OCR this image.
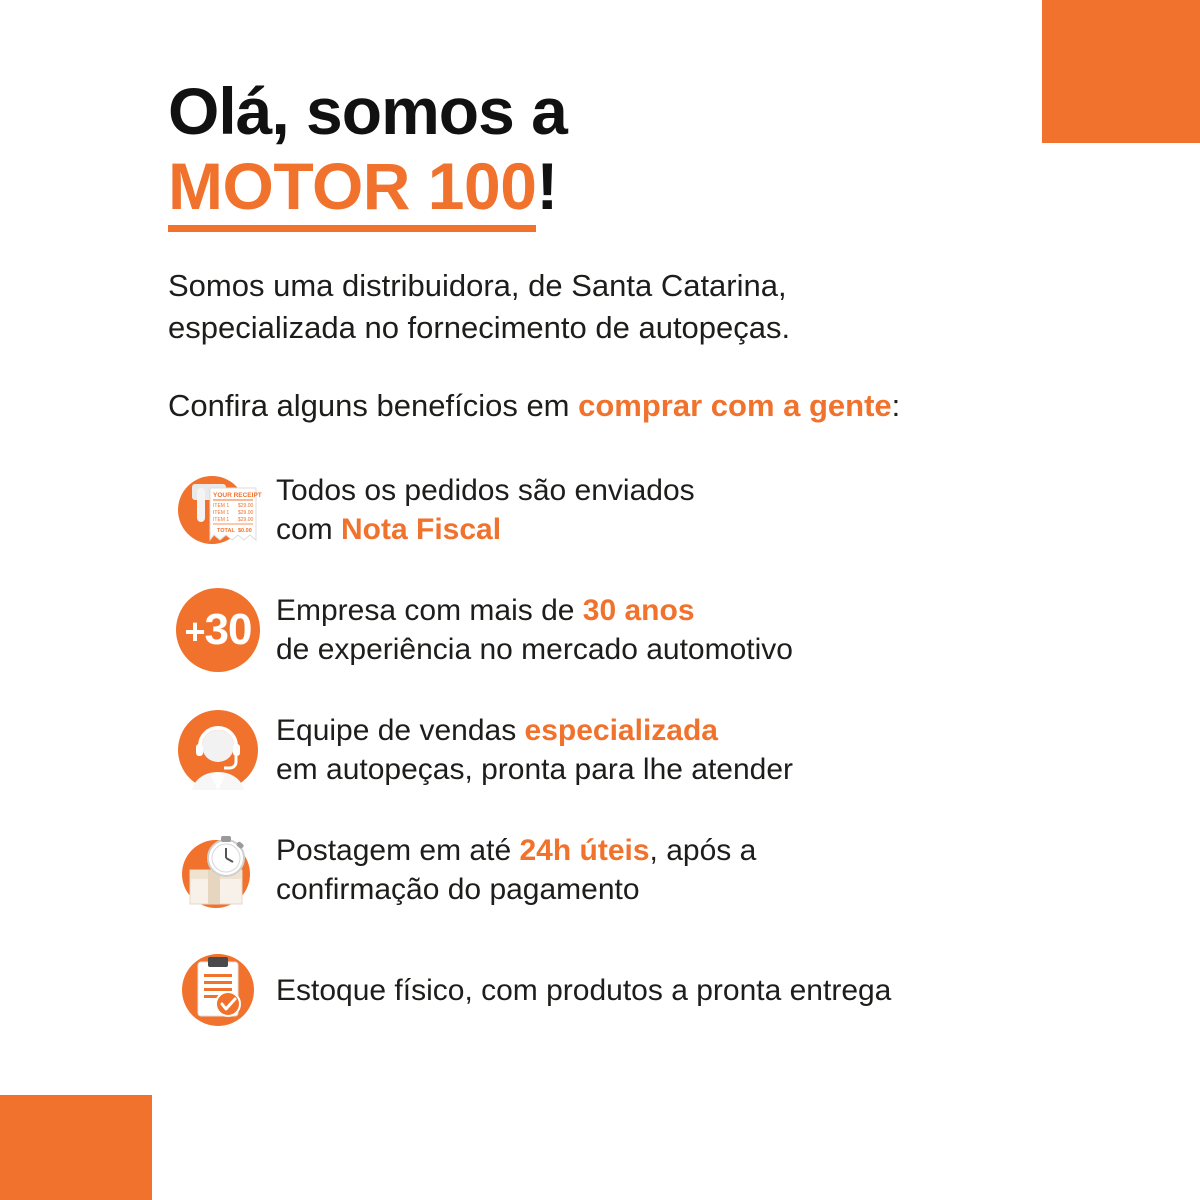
Olá, somos a
MOTOR 100!

Somos uma distribuidora, de Santa Catarina,
especializada no fornecimento de autopeças.

Confira alguns benefícios em comprar com a gente:

YOUR RECEIPT
ITEM 1 $29.00
ITEM 1 $29.00
ITEM 1 $29.00
TOTAL $0.00
Todos os pedidos são enviados
com Nota Fiscal
+30 Empresa com mais de 30 anos
de experiência no mercado automotivo
Equipe de vendas especializada
em autopeças, pronta para lhe atender
Postagem em até 24h úteis, após a
confirmação do pagamento
Estoque físico, com produtos a pronta entrega
